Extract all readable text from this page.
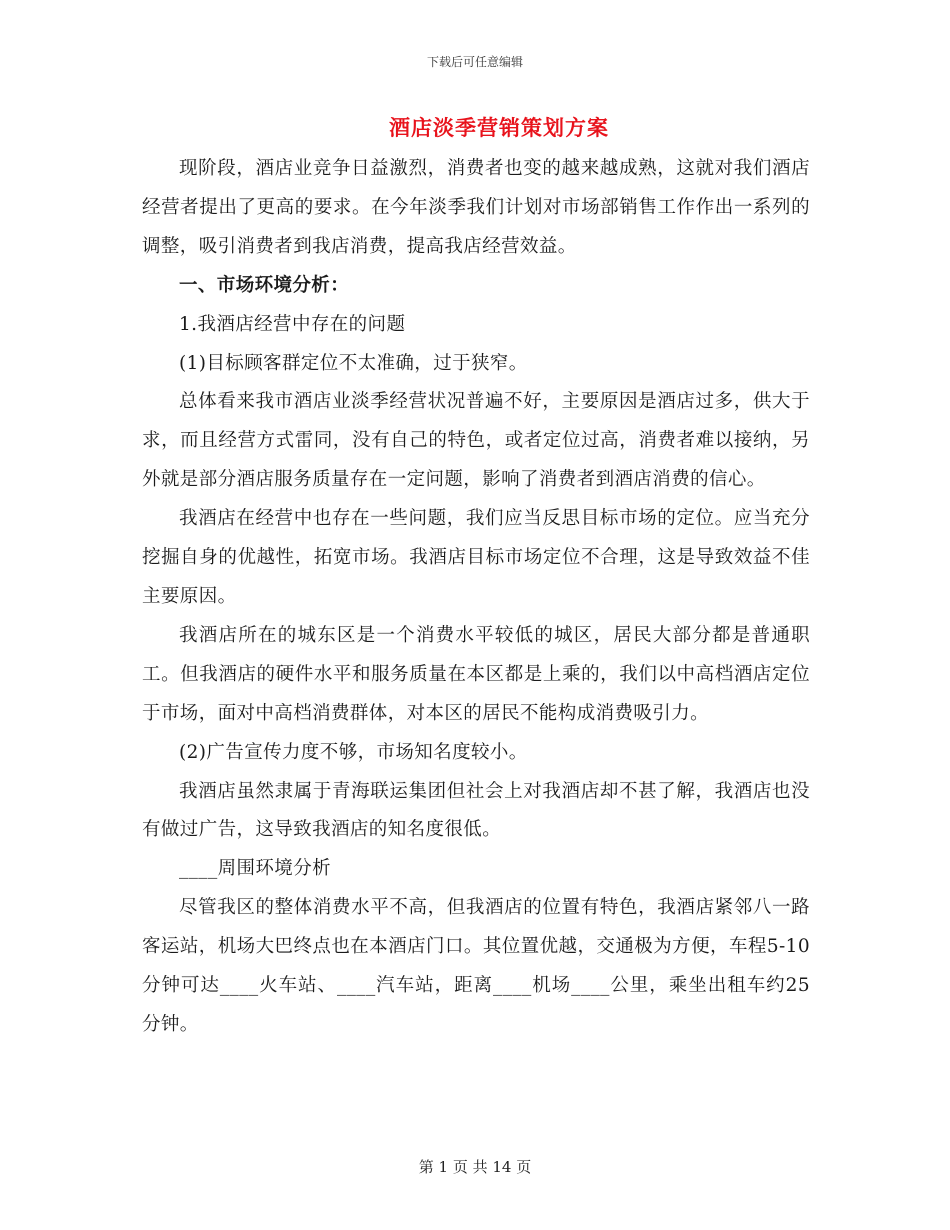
下载后可任意编辑
酒店淡季营销策划方案

现阶段，酒店业竞争日益激烈，消费者也变的越来越成熟，这就对我们酒店经营者提出了更高的要求。在今年淡季我们计划对市场部销售工作作出一系列的调整，吸引消费者到我店消费，提高我店经营效益。

一、市场环境分析：

1.我酒店经营中存在的问题

(1)目标顾客群定位不太准确，过于狭窄。

总体看来我市酒店业淡季经营状况普遍不好，主要原因是酒店过多，供大于求，而且经营方式雷同，没有自己的特色，或者定位过高，消费者难以接纳，另外就是部分酒店服务质量存在一定问题，影响了消费者到酒店消费的信心。

我酒店在经营中也存在一些问题，我们应当反思目标市场的定位。应当充分挖掘自身的优越性，拓宽市场。我酒店目标市场定位不合理，这是导致效益不佳主要原因。

我酒店所在的城东区是一个消费水平较低的城区，居民大部分都是普通职工。但我酒店的硬件水平和服务质量在本区都是上乘的，我们以中高档酒店定位于市场，面对中高档消费群体，对本区的居民不能构成消费吸引力。

(2)广告宣传力度不够，市场知名度较小。

我酒店虽然隶属于青海联运集团但社会上对我酒店却不甚了解，我酒店也没有做过广告，这导致我酒店的知名度很低。

____周围环境分析

尽管我区的整体消费水平不高，但我酒店的位置有特色，我酒店紧邻八一路客运站，机场大巴终点也在本酒店门口。其位置优越，交通极为方便，车程5-10分钟可达____火车站、____汽车站，距离____机场____公里，乘坐出租车约25分钟。

第 1 页 共 14 页
